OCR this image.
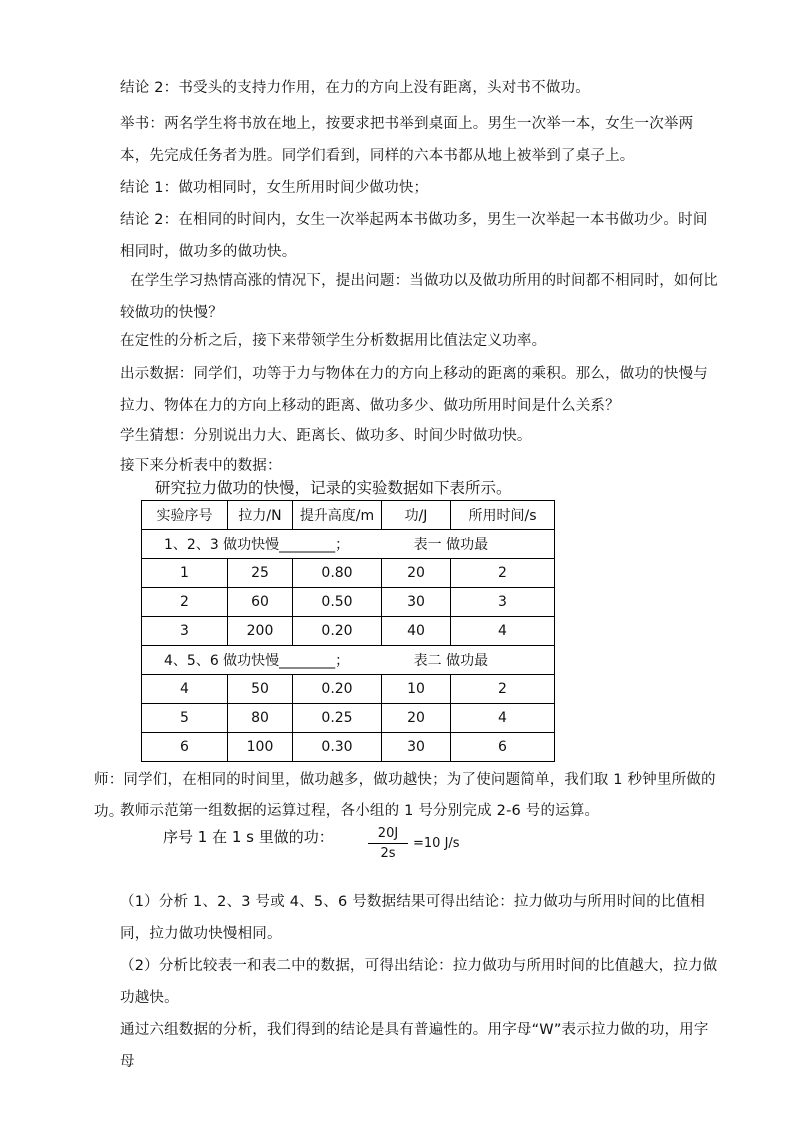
结论 2：书受头的支持力作用，在力的方向上没有距离，头对书不做功。

举书：两名学生将书放在地上，按要求把书举到桌面上。男生一次举一本，女生一次举两本，先完成任务者为胜。同学们看到，同样的六本书都从地上被举到了桌子上。

结论 1：做功相同时，女生所用时间少做功快；

结论 2：在相同的时间内，女生一次举起两本书做功多，男生一次举起一本书做功少。时间相同时，做功多的做功快。

在学生学习热情高涨的情况下，提出问题：当做功以及做功所用的时间都不相同时，如何比较做功的快慢？

在定性的分析之后，接下来带领学生分析数据用比值法定义功率。

出示数据：同学们，功等于力与物体在力的方向上移动的距离的乘积。那么，做功的快慢与拉力、物体在力的方向上移动的距离、做功多少、做功所用时间是什么关系？

学生猜想：分别说出力大、距离长、做功多、时间少时做功快。

接下来分析表中的数据：

研究拉力做功的快慢，记录的实验数据如下表所示。

实验序号	拉力/N	提升高度/m	功/J	所用时间/s
1、2、3 做功快慢________； 表一 做功最				
1	25	0.80	20	2
2	60	0.50	30	3
3	200	0.20	40	4
4、5、6 做功快慢________； 表二 做功最				
4	50	0.20	10	2
5	80	0.25	20	4
6	100	0.30	30	6

师：同学们，在相同的时间里，做功越多，做功越快；为了使问题简单，我们取 1 秒钟里所做的功。

教师示范第一组数据的运算过程，各小组的 1 号分别完成 2-6 号的运算。

序号 1 在 1 s 里做的功：	20J
2s
=10 J/s

（1）分析 1、2、3 号或 4、5、6 号数据结果可得出结论：拉力做功与所用时间的比值相同，拉力做功快慢相同。

（2）分析比较表一和表二中的数据，可得出结论：拉力做功与所用时间的比值越大，拉力做功越快。

通过六组数据的分析，我们得到的结论是具有普遍性的。用字母“W”表示拉力做的功，用字母
